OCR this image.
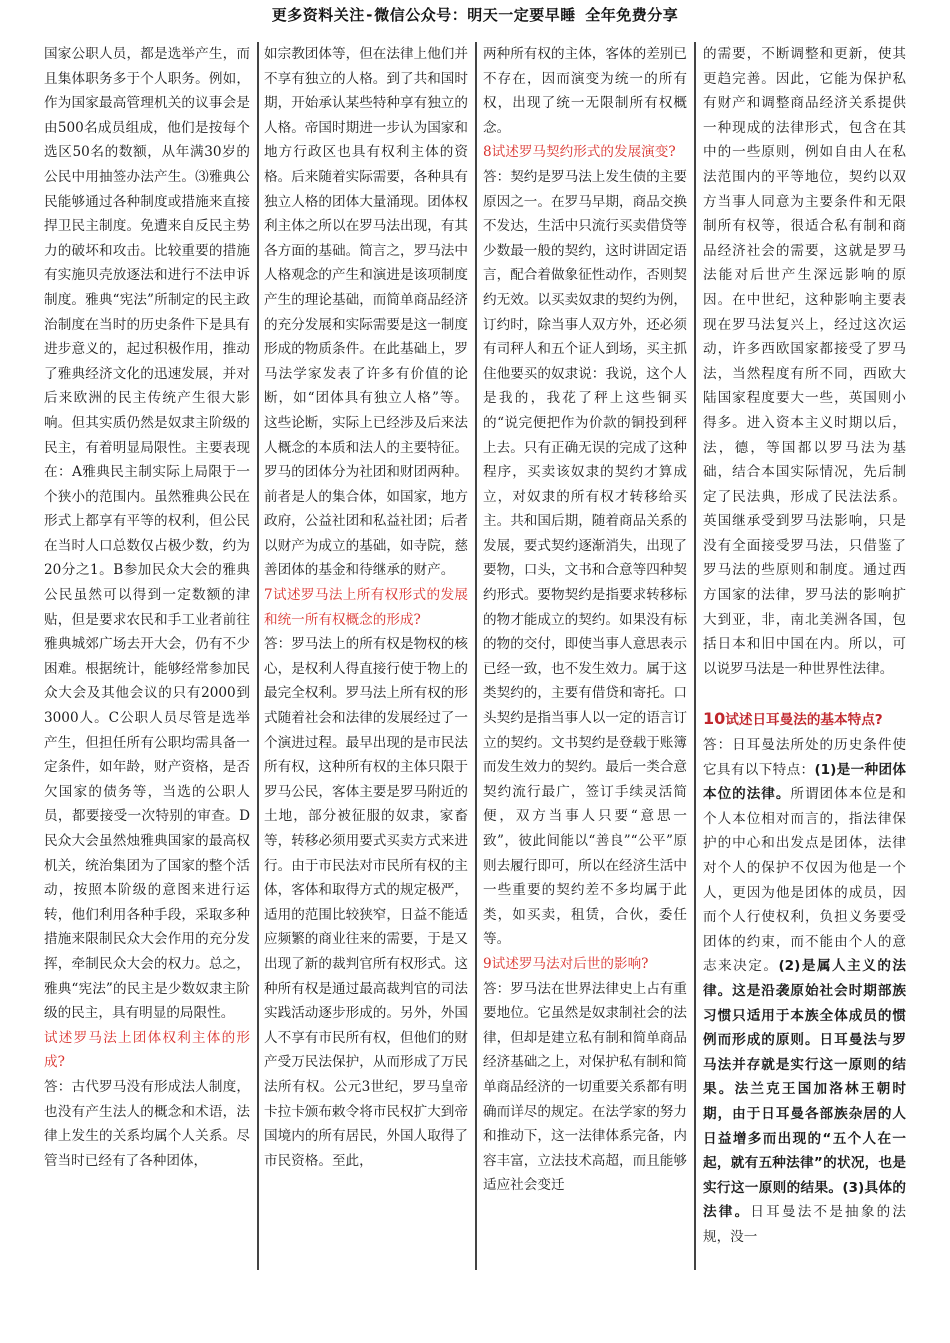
更多资料关注-微信公众号：明天一定要早睡 全年免费分享

国家公职人员，都是选举产生，而且集体职务多于个人职务。例如，作为国家最高管理机关的议事会是由500名成员组成，他们是按每个选区50名的数额，从年满30岁的公民中用抽签办法产生。⑶雅典公民能够通过各种制度或措施来直接捍卫民主制度。免遭来自反民主势力的破坏和攻击。比较重要的措施有实施贝壳放逐法和进行不法申诉制度。雅典“宪法”所制定的民主政治制度在当时的历史条件下是具有进步意义的，起过积极作用，推动了雅典经济文化的迅速发展，并对后来欧洲的民主传统产生很大影响。但其实质仍然是奴隶主阶级的民主，有着明显局限性。主要表现在：A雅典民主制实际上局限于一个狭小的范围内。虽然雅典公民在形式上都享有平等的权利，但公民在当时人口总数仅占极少数，约为20分之1。B参加民众大会的雅典公民虽然可以得到一定数额的津贴，但是要求农民和手工业者前往雅典城郊广场去开大会，仍有不少困难。根据统计，能够经常参加民众大会及其他会议的只有2000到3000人。C公职人员尽管是选举产生，但担任所有公职均需具备一定条件，如年龄，财产资格，是否欠国家的债务等，当选的公职人员，都要接受一次特别的审查。D民众大会虽然烛雅典国家的最高权机关，统治集团为了国家的整个活动，按照本阶级的意图来进行运转，他们利用各种手段，采取多种措施来限制民众大会作用的充分发挥，牵制民众大会的权力。总之，雅典“宪法”的民主是少数奴隶主阶级的民主，具有明显的局限性。

试述罗马法上团体权利主体的形成?

答：古代罗马没有形成法人制度，也没有产生法人的概念和术语，法律上发生的关系均属个人关系。尽管当时已经有了各种团体，

如宗教团体等，但在法律上他们并不享有独立的人格。到了共和国时期，开始承认某些特种享有独立的人格。帝国时期进一步认为国家和地方行政区也具有权利主体的资格。后来随着实际需要，各种具有独立人格的团体大量涌现。团体权利主体之所以在罗马法出现，有其各方面的基础。简言之，罗马法中人格观念的产生和演进是该项制度产生的理论基础，而简单商品经济的充分发展和实际需要是这一制度形成的物质条件。在此基础上，罗马法学家发表了许多有价值的论断，如“团体具有独立人格”等。这些论断，实际上已经涉及后来法人概念的本质和法人的主要特征。罗马的团体分为社团和财团两种。前者是人的集合体，如国家，地方政府，公益社团和私益社团；后者以财产为成立的基础，如寺院，慈善团体的基金和待继承的财产。

7试述罗马法上所有权形式的发展和统一所有权概念的形成?

答：罗马法上的所有权是物权的核心，是权利人得直接行使于物上的最完全权利。罗马法上所有权的形式随着社会和法律的发展经过了一个演进过程。最早出现的是市民法所有权，这种所有权的主体只限于罗马公民，客体主要是罗马附近的土地，部分被征服的奴隶，家畜等，转移必须用要式买卖方式来进行。由于市民法对市民所有权的主体，客体和取得方式的规定极严，适用的范围比较狭窄，日益不能适应频繁的商业往来的需要，于是又出现了新的裁判官所有权形式。这种所有权是通过最高裁判官的司法实践活动逐步形成的。另外，外国人不享有市民所有权，但他们的财产受万民法保护，从而形成了万民法所有权。公元3世纪，罗马皇帝卡拉卡颁布敕令将市民权扩大到帝国境内的所有居民，外国人取得了市民资格。至此，

两种所有权的主体，客体的差别已不存在，因而演变为统一的所有权，出现了统一无限制所有权概念。

8试述罗马契约形式的发展演变?

答：契约是罗马法上发生债的主要原因之一。在罗马早期，商品交换不发达，生活中只流行买卖借贷等少数最一般的契约，这时讲固定语言，配合着做象征性动作，否则契约无效。以买卖奴隶的契约为例，订约时，除当事人双方外，还必须有司秤人和五个证人到场，买主抓住他要买的奴隶说：我说，这个人是我的，我花了秤上这些铜买的“说完便把作为价款的铜投到秤上去。只有正确无误的完成了这种程序，买卖该奴隶的契约才算成立，对奴隶的所有权才转移给买主。共和国后期，随着商品关系的发展，要式契约逐渐消失，出现了要物，口头，文书和合意等四种契约形式。要物契约是指要求转移标的物才能成立的契约。如果没有标的物的交付，即使当事人意思表示已经一致，也不发生效力。属于这类契约的，主要有借贷和寄托。口头契约是指当事人以一定的语言订立的契约。文书契约是登载于账簿而发生效力的契约。最后一类合意契约流行最广，签订手续灵活简便，双方当事人只要“意思一致”，彼此间能以“善良”“公平”原则去履行即可，所以在经济生活中一些重要的契约差不多均属于此类，如买卖，租赁，合伙，委任等。

9试述罗马法对后世的影响?

答：罗马法在世界法律史上占有重要地位。它虽然是奴隶制社会的法律，但却是建立私有制和简单商品经济基础之上，对保护私有制和简单商品经济的一切重要关系都有明确而详尽的规定。在法学家的努力和推动下，这一法律体系完备，内容丰富，立法技术高超，而且能够适应社会变迁

的需要，不断调整和更新，使其更趋完善。因此，它能为保护私有财产和调整商品经济关系提供一种现成的法律形式，包含在其中的一些原则，例如自由人在私法范围内的平等地位，契约以双方当事人同意为主要条件和无限制所有权等，很适合私有制和商品经济社会的需要，这就是罗马法能对后世产生深远影响的原因。在中世纪，这种影响主要表现在罗马法复兴上，经过这次运动，许多西欧国家都接受了罗马法，当然程度有所不同，西欧大陆国家程度要大一些，英国则小得多。进入资本主义时期以后，法，德，等国都以罗马法为基础，结合本国实际情况，先后制定了民法典，形成了民法法系。英国继承受到罗马法影响，只是没有全面接受罗马法，只借鉴了罗马法的些原则和制度。通过西方国家的法律，罗马法的影响扩大到亚，非，南北美洲各国，包括日本和旧中国在内。所以，可以说罗马法是一种世界性法律。

10试述日耳曼法的基本特点?

答：日耳曼法所处的历史条件使它具有以下特点：(1)是一种团体本位的法律。所谓团体本位是和个人本位相对而言的，指法律保护的中心和出发点是团体，法律对个人的保护不仅因为他是一个人，更因为他是团体的成员，因而个人行使权利，负担义务要受团体的约束，而不能由个人的意志来决定。(2)是属人主义的法律。这是沿袭原始社会时期部族习惯只适用于本族全体成员的惯例而形成的原则。日耳曼法与罗马法并存就是实行这一原则的结果。法兰克王国加洛林王朝时期，由于日耳曼各部族杂居的人日益增多而出现的“五个人在一起，就有五种法律”的状况，也是实行这一原则的结果。(3)具体的法律。日耳曼法不是抽象的法规，没一
